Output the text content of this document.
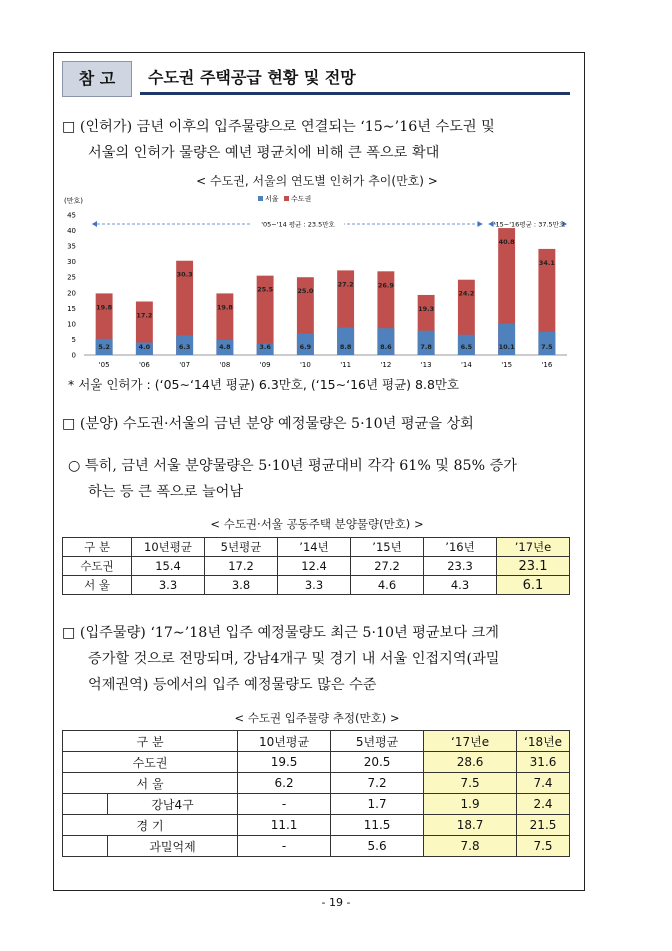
참 고	수도권 주택공급 현황 및 전망
□ (인허가) 금년 이후의 입주물량으로 연결되는 ‘15∼’16년 수도권 및
서울의 인허가 물량은 예년 평균치에 비해 큰 폭으로 확대
< 수도권, 서울의 연도별 인허가 추이(만호) >
(만호)	서울 수도권
0
5
10
15
20
25
30
35
40
45
'05~'14 평균 : 23.5만호	'15~'16평균 : 37.5만호
19.8
5.2
'05
17.2
4.0
'06
30.3
6.3
'07
19.8
4.8
'08
25.5
3.6
'09
25.0
6.9
'10
27.2
8.8
'11
26.9
8.6
'12
19.3
7.8
'13
24.2
6.5
'14
40.8
10.1
'15
34.1
7.5
'16
* 서울 인허가 : (‘05∼‘14년 평균) 6.3만호, (‘15∼‘16년 평균) 8.8만호
□ (분양) 수도권·서울의 금년 분양 예정물량은 5·10년 평균을 상회
○ 특히, 금년 서울 분양물량은 5·10년 평균대비 각각 61% 및 85% 증가
하는 등 큰 폭으로 늘어남
< 수도권·서울 공동주택 분양물량(만호) >
구 분	10년평균	5년평균	’14년	’15년	’16년	’17년e
수도권	15.4	17.2	12.4	27.2	23.3	23.1
서 울	3.3	3.8	3.3	4.6	4.3	6.1
□ (입주물량) ‘17∼’18년 입주 예정물량도 최근 5·10년 평균보다 크게
증가할 것으로 전망되며, 강남4개구 및 경기 내 서울 인접지역(과밀
억제권역) 등에서의 입주 예정물량도 많은 수준
< 수도권 입주물량 추정(만호) >
구 분		10년평균	5년평균	‘17년e	‘18년e
수도권		19.5	20.5	28.6	31.6
서 울		6.2	7.2	7.5	7.4
	강남4구	-	1.7	1.9	2.4
경 기		11.1	11.5	18.7	21.5
	과밀억제	-	5.6	7.8	7.5
- 19 -
